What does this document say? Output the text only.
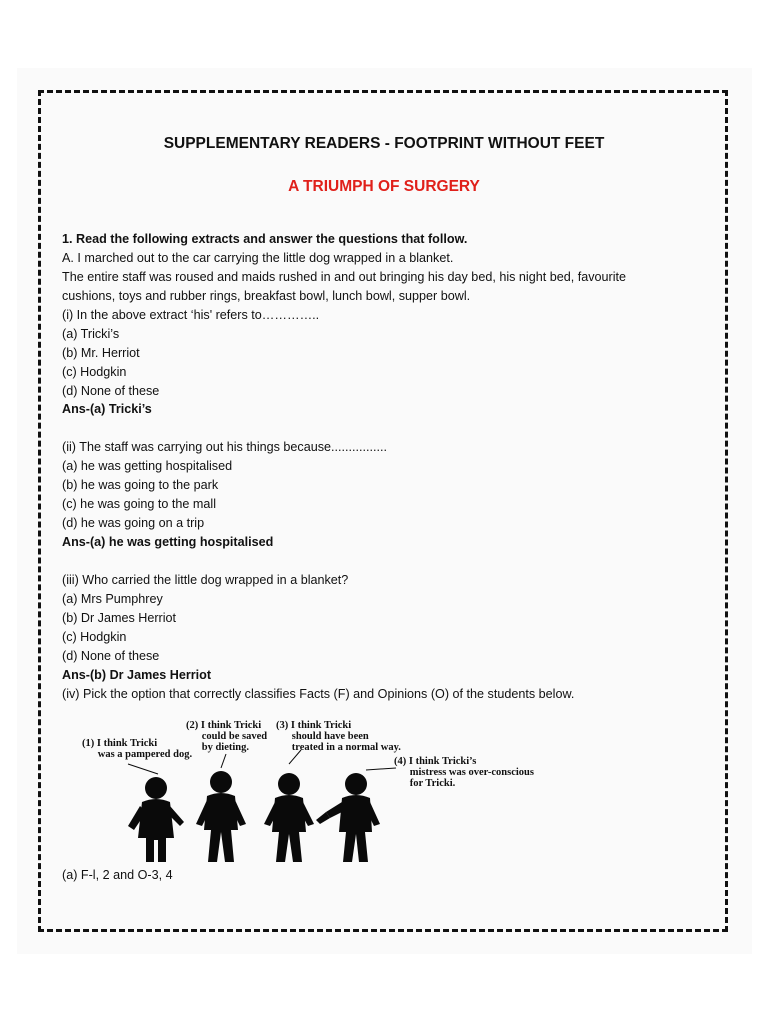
SUPPLEMENTARY READERS - FOOTPRINT WITHOUT FEET
A TRIUMPH OF SURGERY
1. Read the following extracts and answer the questions that follow.
A. I marched out to the car carrying the little dog wrapped in a blanket.
The entire staff was roused and maids rushed in and out bringing his day bed, his night bed, favourite
cushions, toys and rubber rings, breakfast bowl, lunch bowl, supper bowl.
(i) In the above extract ‘his' refers to…………..
(a) Tricki’s
(b) Mr. Herriot
(c) Hodgkin
(d) None of these
Ans-(a) Tricki’s
(ii) The staff was carrying out his things because................
(a) he was getting hospitalised
(b) he was going to the park
(c) he was going to the mall
(d) he was going on a trip
Ans-(a) he was getting hospitalised
(iii) Who carried the little dog wrapped in a blanket?
(a) Mrs Pumphrey
(b) Dr James Herriot
(c) Hodgkin
(d) None of these
Ans-(b) Dr James Herriot
(iv) Pick the option that correctly classifies Facts (F) and Opinions (O) of the students below.
(1) I think Tricki
was a pampered dog.
(2) I think Tricki
could be saved
by dieting.
(3) I think Tricki
should have been
treated in a normal way.
(4) I think Tricki’s
mistress was over-conscious
for Tricki.
(a) F-l, 2 and O-3, 4
